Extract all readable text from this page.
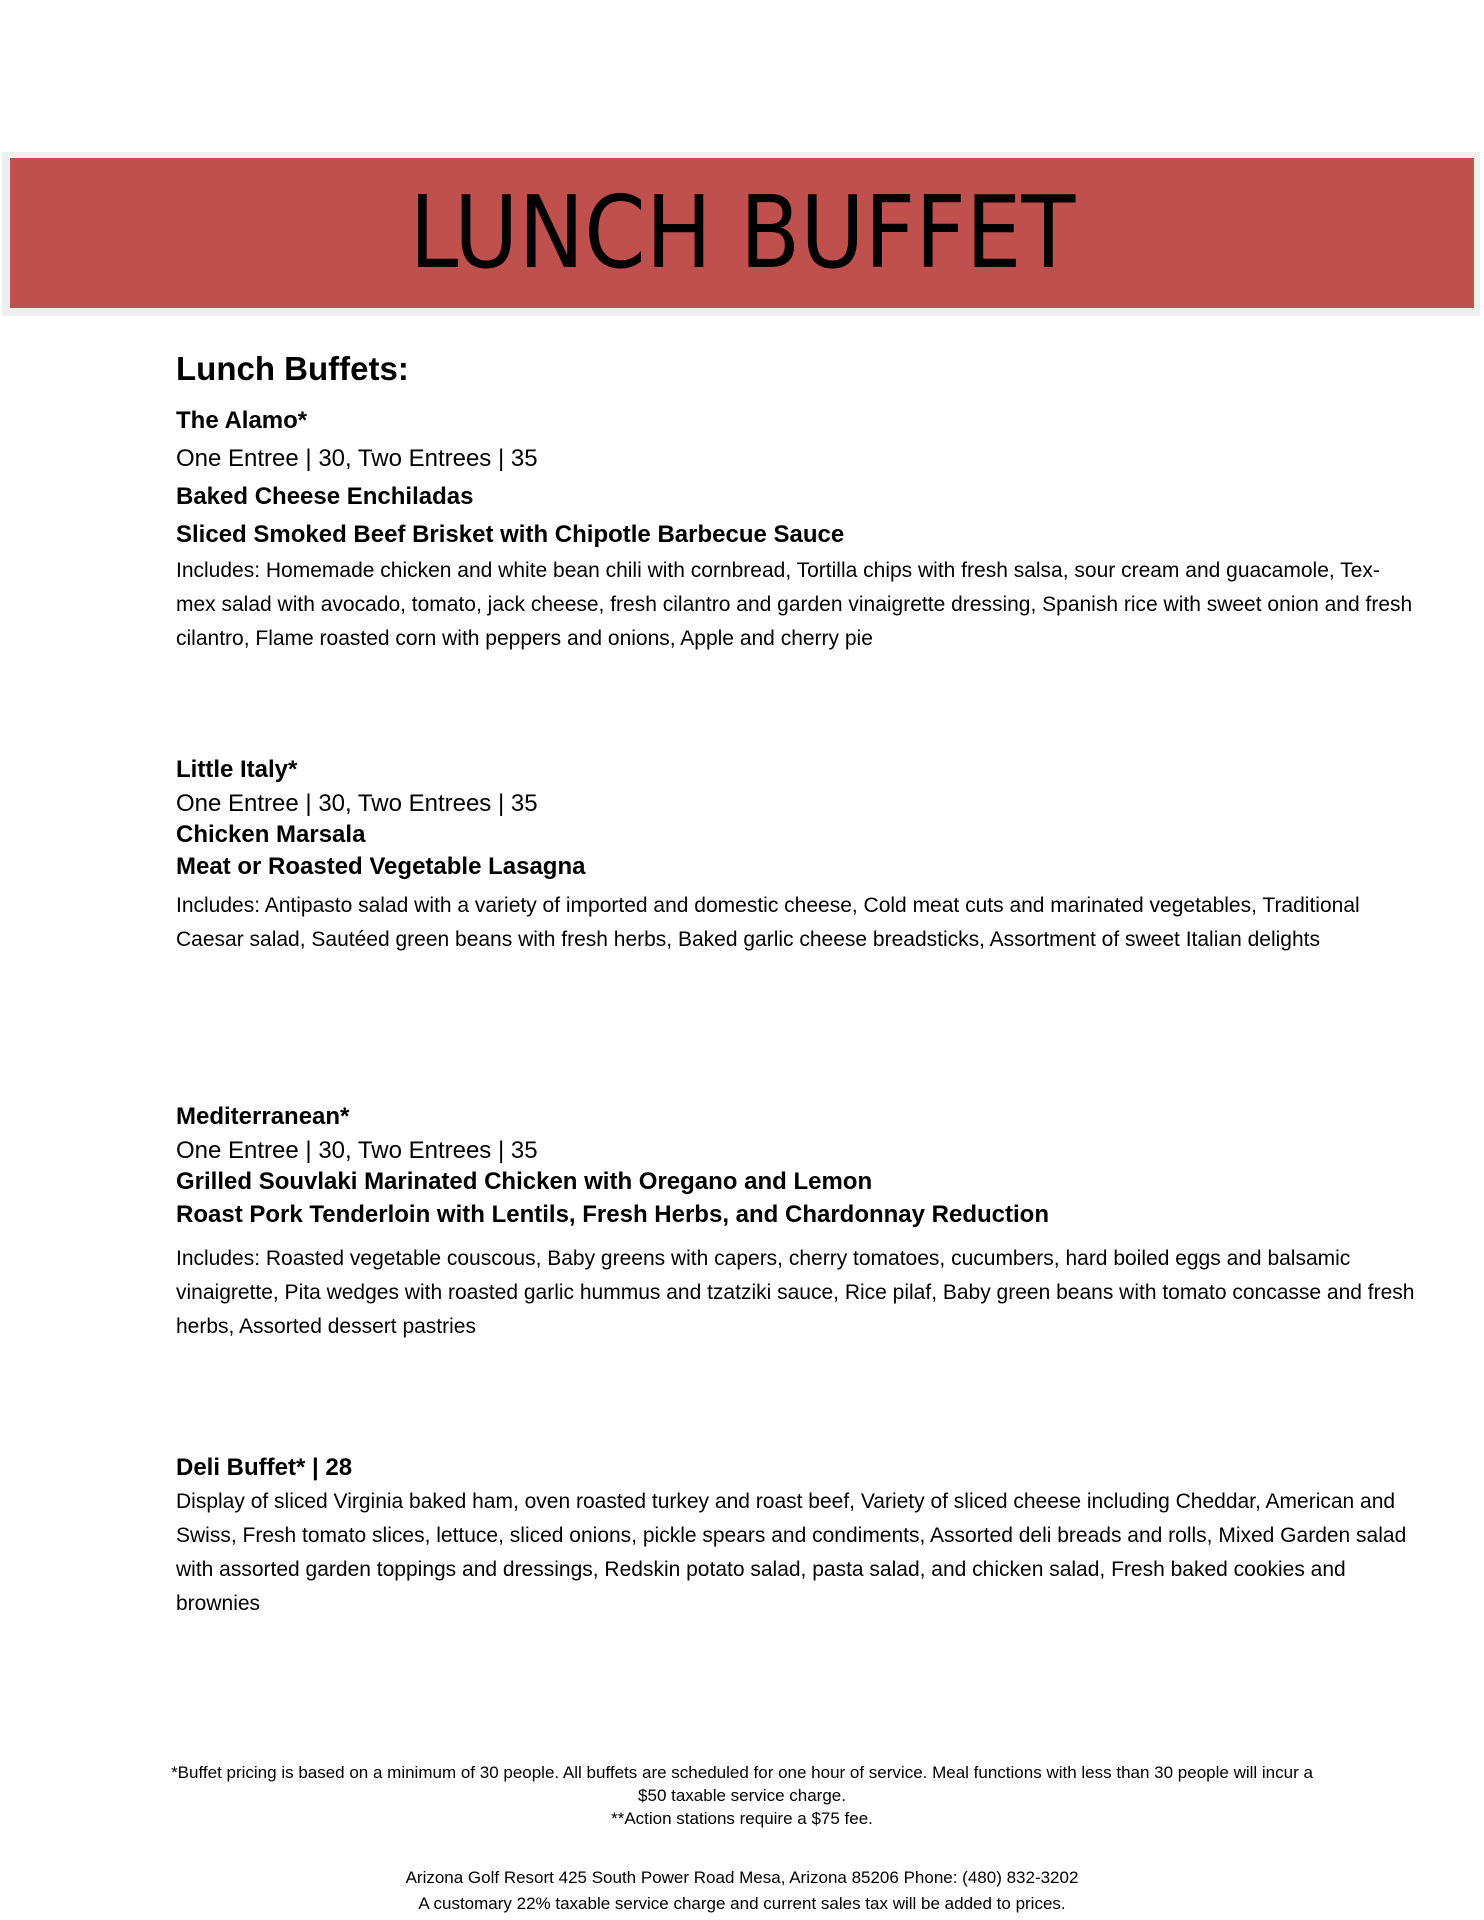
LUNCH BUFFET
Lunch Buffets:
The Alamo*
One Entree | 30, Two Entrees | 35
Baked Cheese Enchiladas
Sliced Smoked Beef Brisket with Chipotle Barbecue Sauce
Includes: Homemade chicken and white bean chili with cornbread, Tortilla chips with fresh salsa, sour cream and guacamole, Tex-mex salad with avocado, tomato, jack cheese, fresh cilantro and garden vinaigrette dressing, Spanish rice with sweet onion and fresh cilantro, Flame roasted corn with peppers and onions, Apple and cherry pie
Little Italy*
One Entree | 30, Two Entrees | 35
Chicken Marsala
Meat or Roasted Vegetable Lasagna
Includes: Antipasto salad with a variety of imported and domestic cheese, Cold meat cuts and marinated vegetables, Traditional Caesar salad, Sautéed green beans with fresh herbs, Baked garlic cheese breadsticks, Assortment of sweet Italian delights
Mediterranean*
One Entree | 30, Two Entrees | 35
Grilled Souvlaki Marinated Chicken with Oregano and Lemon
Roast Pork Tenderloin with Lentils, Fresh Herbs, and Chardonnay Reduction
Includes: Roasted vegetable couscous, Baby greens with capers, cherry tomatoes, cucumbers, hard boiled eggs and balsamic vinaigrette, Pita wedges with roasted garlic hummus and tzatziki sauce, Rice pilaf, Baby green beans with tomato concasse and fresh herbs, Assorted dessert pastries
Deli Buffet* | 28
Display of sliced Virginia baked ham, oven roasted turkey and roast beef, Variety of sliced cheese including Cheddar, American and Swiss, Fresh tomato slices, lettuce, sliced onions, pickle spears and condiments, Assorted deli breads and rolls, Mixed Garden salad with assorted garden toppings and dressings, Redskin potato salad, pasta salad, and chicken salad, Fresh baked cookies and brownies
*Buffet pricing is based on a minimum of 30 people. All buffets are scheduled for one hour of service. Meal functions with less than 30 people will incur a
$50 taxable service charge.
**Action stations require a $75 fee.
Arizona Golf Resort 425 South Power Road Mesa, Arizona 85206 Phone: (480) 832-3202
A customary 22% taxable service charge and current sales tax will be added to prices.
